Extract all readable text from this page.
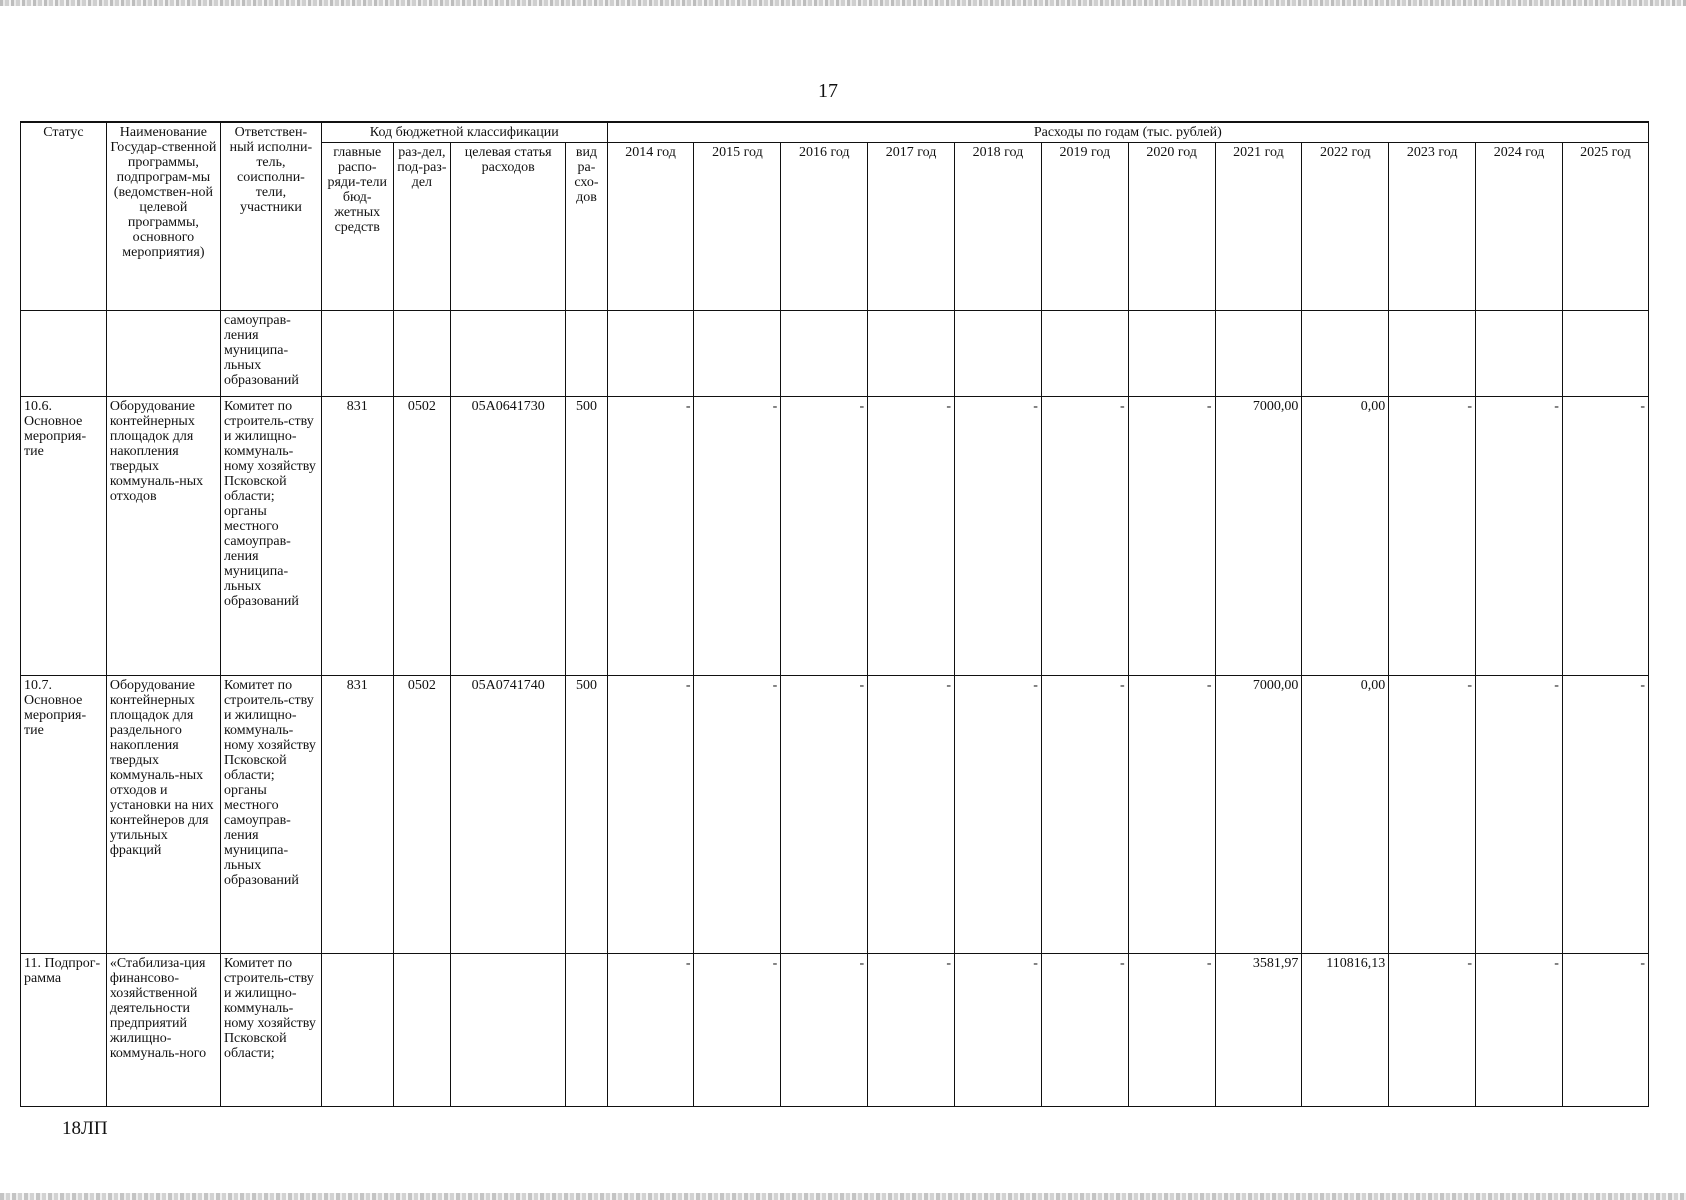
17
Статус	Наименование Государ-ственной программы, подпрограм-мы (ведомствен-ной целевой программы, основного мероприятия)	Ответствен-ный исполни-тель, соисполни-тели, участники	Код бюджетной классификации				Расходы по годам (тыс. рублей)											
			главные распо-ряди-тели бюд-жетных средств	раз-дел, под-раз-дел	целевая статья расходов	вид ра-схо-дов	2014 год	2015 год	2016 год	2017 год	2018 год	2019 год	2020 год	2021 год	2022 год	2023 год	2024 год	2025 год
		самоуправ-ления муниципа-льных образований																
10.6. Основное мероприя-тие	Оборудование контейнерных площадок для накопления твердых коммуналь-ных отходов	Комитет по строитель-ству и жилищно-коммуналь-ному хозяйству Псковской области; органы местного самоуправ-ления муниципа-льных образований	831	0502	05А0641730	500	-	-	-	-	-	-	-	7000,00	0,00	-	-	-
10.7. Основное мероприя-тие	Оборудование контейнерных площадок для раздельного накопления твердых коммуналь-ных отходов и установки на них контейнеров для утильных фракций	Комитет по строитель-ству и жилищно-коммуналь-ному хозяйству Псковской области; органы местного самоуправ-ления муниципа-льных образований	831	0502	05А0741740	500	-	-	-	-	-	-	-	7000,00	0,00	-	-	-
11. Подпрог-рамма	«Стабилиза-ция финансово-хозяйственной деятельности предприятий жилищно-коммуналь-ного	Комитет по строитель-ству и жилищно-коммуналь-ному хозяйству Псковской области;					-	-	-	-	-	-	-	3581,97	110816,13	-	-	-
18ЛП
